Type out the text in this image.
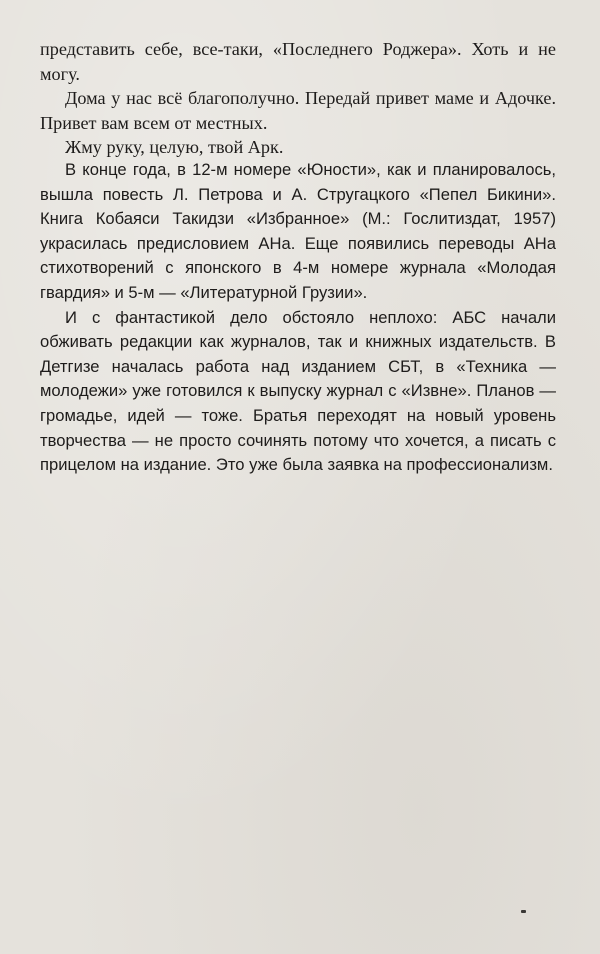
представить себе, все-таки, «Последнего Роджера». Хоть и не могу.

Дома у нас всё благополучно. Передай привет маме и Адочке. Привет вам всем от местных.

Жму руку, целую, твой Арк.

В конце года, в 12-м номере «Юности», как и планировалось, вышла повесть Л. Петрова и А. Стругацкого «Пепел Бикини». Книга Кобаяси Такидзи «Избранное» (М.: Гослитиздат, 1957) украсилась предисловием АНа. Еще появились переводы АНа стихотворений с японского в 4-м номере журнала «Молодая гвардия» и 5-м — «Литературной Грузии».

И с фантастикой дело обстояло неплохо: АБС начали обживать редакции как журналов, так и книжных издательств. В Детгизе началась работа над изданием СБТ, в «Техника — молодежи» уже готовился к выпуску журнал с «Извне». Планов — громадье, идей — тоже. Братья переходят на новый уровень творчества — не просто сочинять потому что хочется, а писать с прицелом на издание. Это уже была заявка на профессионализм.
